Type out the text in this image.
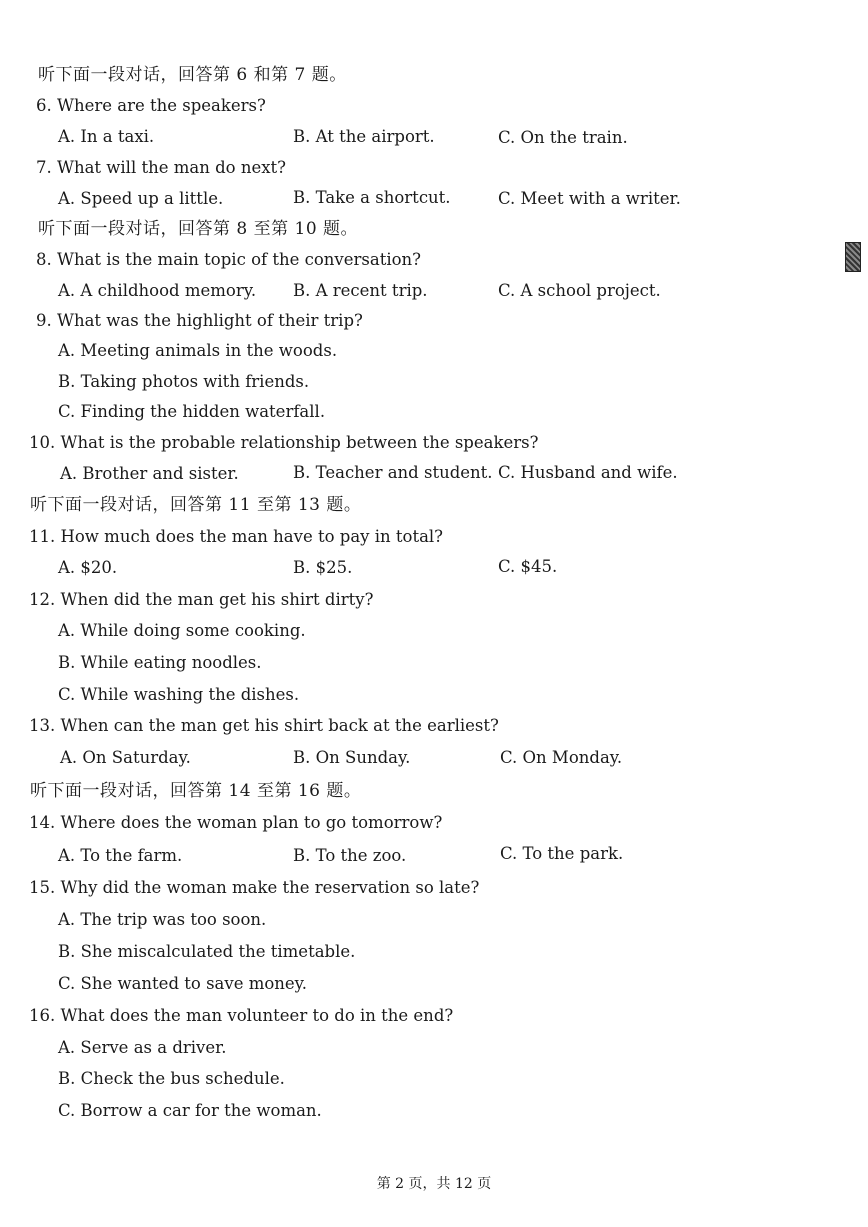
听下面一段对话，回答第 6 和第 7 题。
6. Where are the speakers?
A. In a taxi.	B. At the airport.	C. On the train.
7. What will the man do next?
A. Speed up a little.	B. Take a shortcut.	C. Meet with a writer.
听下面一段对话，回答第 8 至第 10 题。
8. What is the main topic of the conversation?
A. A childhood memory. B. A recent trip.	C. A school project.
9. What was the highlight of their trip?
A. Meeting animals in the woods.
B. Taking photos with friends.
C. Finding the hidden waterfall.
10. What is the probable relationship between the speakers?
A. Brother and sister.	B. Teacher and student. C. Husband and wife.
听下面一段对话，回答第 11 至第 13 题。
11. How much does the man have to pay in total?
A. $20.	B. $25.	C. $45.
12. When did the man get his shirt dirty?
A. While doing some cooking.
B. While eating noodles.
C. While washing the dishes.
13. When can the man get his shirt back at the earliest?
A. On Saturday.	B. On Sunday.	C. On Monday.
听下面一段对话，回答第 14 至第 16 题。
14. Where does the woman plan to go tomorrow?
A. To the farm.	B. To the zoo.	C. To the park.
15. Why did the woman make the reservation so late?
A. The trip was too soon.
B. She miscalculated the timetable.
C. She wanted to save money.
16. What does the man volunteer to do in the end?
A. Serve as a driver.
B. Check the bus schedule.
C. Borrow a car for the woman.
第 2 页，共 12 页
